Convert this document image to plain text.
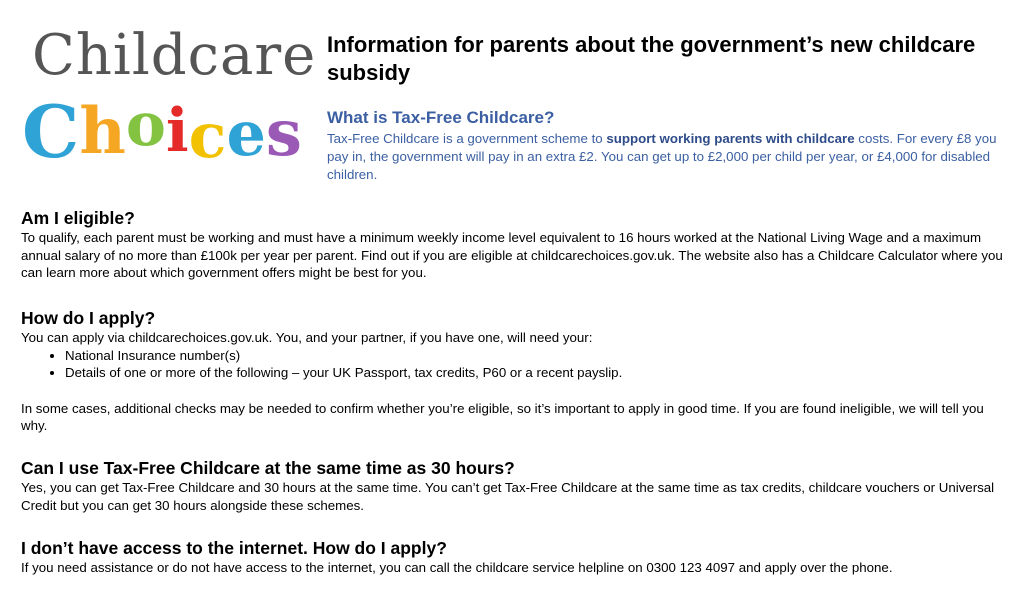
Childcare
Choices
Information for parents about the government’s new childcare subsidy
What is Tax-Free Childcare?

Tax-Free Childcare is a government scheme to support working parents with childcare costs. For every £8 you pay in, the government will pay in an extra £2. You can get up to £2,000 per child per year, or £4,000 for disabled children.

Am I eligible?

To qualify, each parent must be working and must have a minimum weekly income level equivalent to 16 hours worked at the National Living Wage and a maximum annual salary of no more than £100k per year per parent. Find out if you are eligible at childcarechoices.gov.uk. The website also has a Childcare Calculator where you can learn more about which government offers might be best for you.

How do I apply?

You can apply via childcarechoices.gov.uk. You, and your partner, if you have one, will need your:

• National Insurance number(s)
• Details of one or more of the following – your UK Passport, tax credits, P60 or a recent payslip.

In some cases, additional checks may be needed to confirm whether you’re eligible, so it’s important to apply in good time. If you are found ineligible, we will tell you why.

Can I use Tax-Free Childcare at the same time as 30 hours?

Yes, you can get Tax-Free Childcare and 30 hours at the same time. You can’t get Tax-Free Childcare at the same time as tax credits, childcare vouchers or Universal Credit but you can get 30 hours alongside these schemes.

I don’t have access to the internet. How do I apply?

If you need assistance or do not have access to the internet, you can call the childcare service helpline on 0300 123 4097 and apply over the phone.
